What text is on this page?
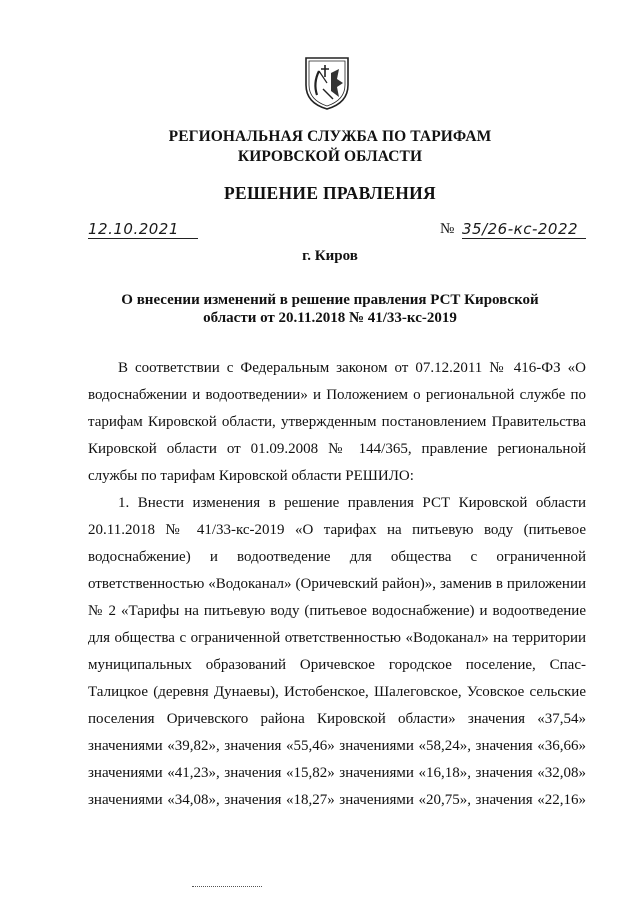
РЕГИОНАЛЬНАЯ СЛУЖБА ПО ТАРИФАМ
КИРОВСКОЙ ОБЛАСТИ
РЕШЕНИЕ ПРАВЛЕНИЯ
12.10.2021	№ 35/26-кс-2022
г. Киров
О внесении изменений в решение правления РСТ Кировской
области от 20.11.2018 № 41/33-кс-2019
В соответствии с Федеральным законом от 07.12.2011 № 416-ФЗ «О
водоснабжении и водоотведении» и Положением о региональной службе по
тарифам Кировской области, утвержденным постановлением Правительства
Кировской области от 01.09.2008 № 144/365, правление региональной
службы по тарифам Кировской области РЕШИЛО:
1. Внести изменения в решение правления РСТ Кировской области
20.11.2018 № 41/33-кс-2019 «О тарифах на питьевую воду (питьевое
водоснабжение) и водоотведение для общества с ограниченной
ответственностью «Водоканал» (Оричевский район)», заменив в приложении
№ 2 «Тарифы на питьевую воду (питьевое водоснабжение) и водоотведение
для общества с ограниченной ответственностью «Водоканал» на территории
муниципальных образований Оричевское городское поселение, Спас-
Талицкое (деревня Дунаевы), Истобенское, Шалеговское, Усовское сельские
поселения Оричевского района Кировской области» значения «37,54»
значениями «39,82», значения «55,46» значениями «58,24», значения «36,66»
значениями «41,23», значения «15,82» значениями «16,18», значения «32,08»
значениями «34,08», значения «18,27» значениями «20,75», значения «22,16»
